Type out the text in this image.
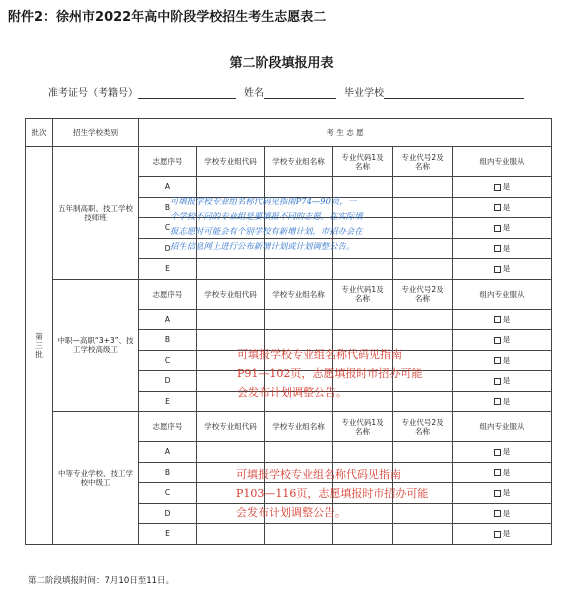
附件2：徐州市2022年高中阶段学校招生考生志愿表二
第二阶段填报用表
准考证号（考籍号）	姓名	毕业学校
批次	招生学校类别	考 生 志 愿					
第三批	五年制高职、技工学校技师班	志愿序号	学校专业组代码	学校专业组名称	专业代码1及名称	专业代号2及名称	组内专业服从
		A					是
		B					是
		C					是
		D					是
		E					是
	中职—高职“3+3”、技工学校高级工	志愿序号	学校专业组代码	学校专业组名称	专业代码1及名称	专业代号2及名称	组内专业服从
		A					是
		B					是
		C					是
		D					是
		E					是
	中等专业学校、技工学校中级工	志愿序号	学校专业组代码	学校专业组名称	专业代码1及名称	专业代号2及名称	组内专业服从
		A					是
		B					是
		C					是
		D					是
		E					是
可填报学校专业组名称代码见指南P74—90页，一
个学校不同的专业组是要填报不同的志愿。在实际填
报志愿时可能会有个别学校有新增计划，市招办会在
招生信息网上进行公布新增计划或计划调整公告。
可填报学校专业组名称代码见指南
P91—102页，志愿填报时市招办可能
会发布计划调整公告。
可填报学校专业组名称代码见指南
P103—116页，志愿填报时市招办可能
会发布计划调整公告。
第二阶段填报时间：7月10日至11日。
